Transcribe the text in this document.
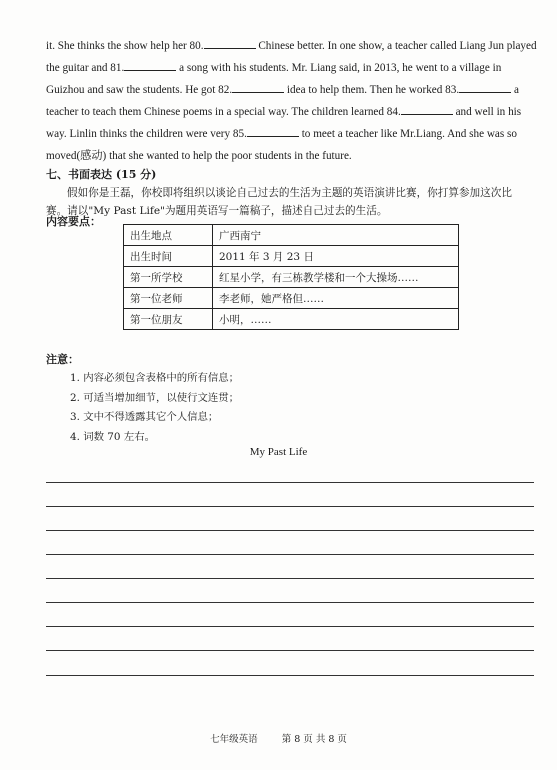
it. She thinks the show help her 80.	Chinese better. In one show, a teacher called Liang Jun played

the guitar and 81.	a song with his students. Mr. Liang said, in 2013, he went to a village in

Guizhou and saw the students. He got 82.	idea to help them. Then he worked 83.	a

teacher to teach them Chinese poems in a special way. The children learned 84.	and well in his

way. Linlin thinks the children were very 85.	to meet a teacher like Mr.Liang. And she was so

moved(感动) that she wanted to help the poor students in the future.

七、书面表达 (15 分)
假如你是王磊，你校即将组织以谈论自己过去的生活为主题的英语演讲比赛，你打算参加这次比
赛。请以"My Past Life"为题用英语写一篇稿子，描述自己过去的生活。
内容要点：
出生地点	广西南宁
出生时间	2011 年 3 月 23 日
第一所学校	红星小学，有三栋教学楼和一个大操场……
第一位老师	李老师，她严格但……
第一位朋友	小明，……
注意：
1. 内容必须包含表格中的所有信息；
2. 可适当增加细节，以使行文连贯；
3. 文中不得透露其它个人信息；
4. 词数 70 左右。
My Past Life
七年级英语        第 8 页 共 8 页
